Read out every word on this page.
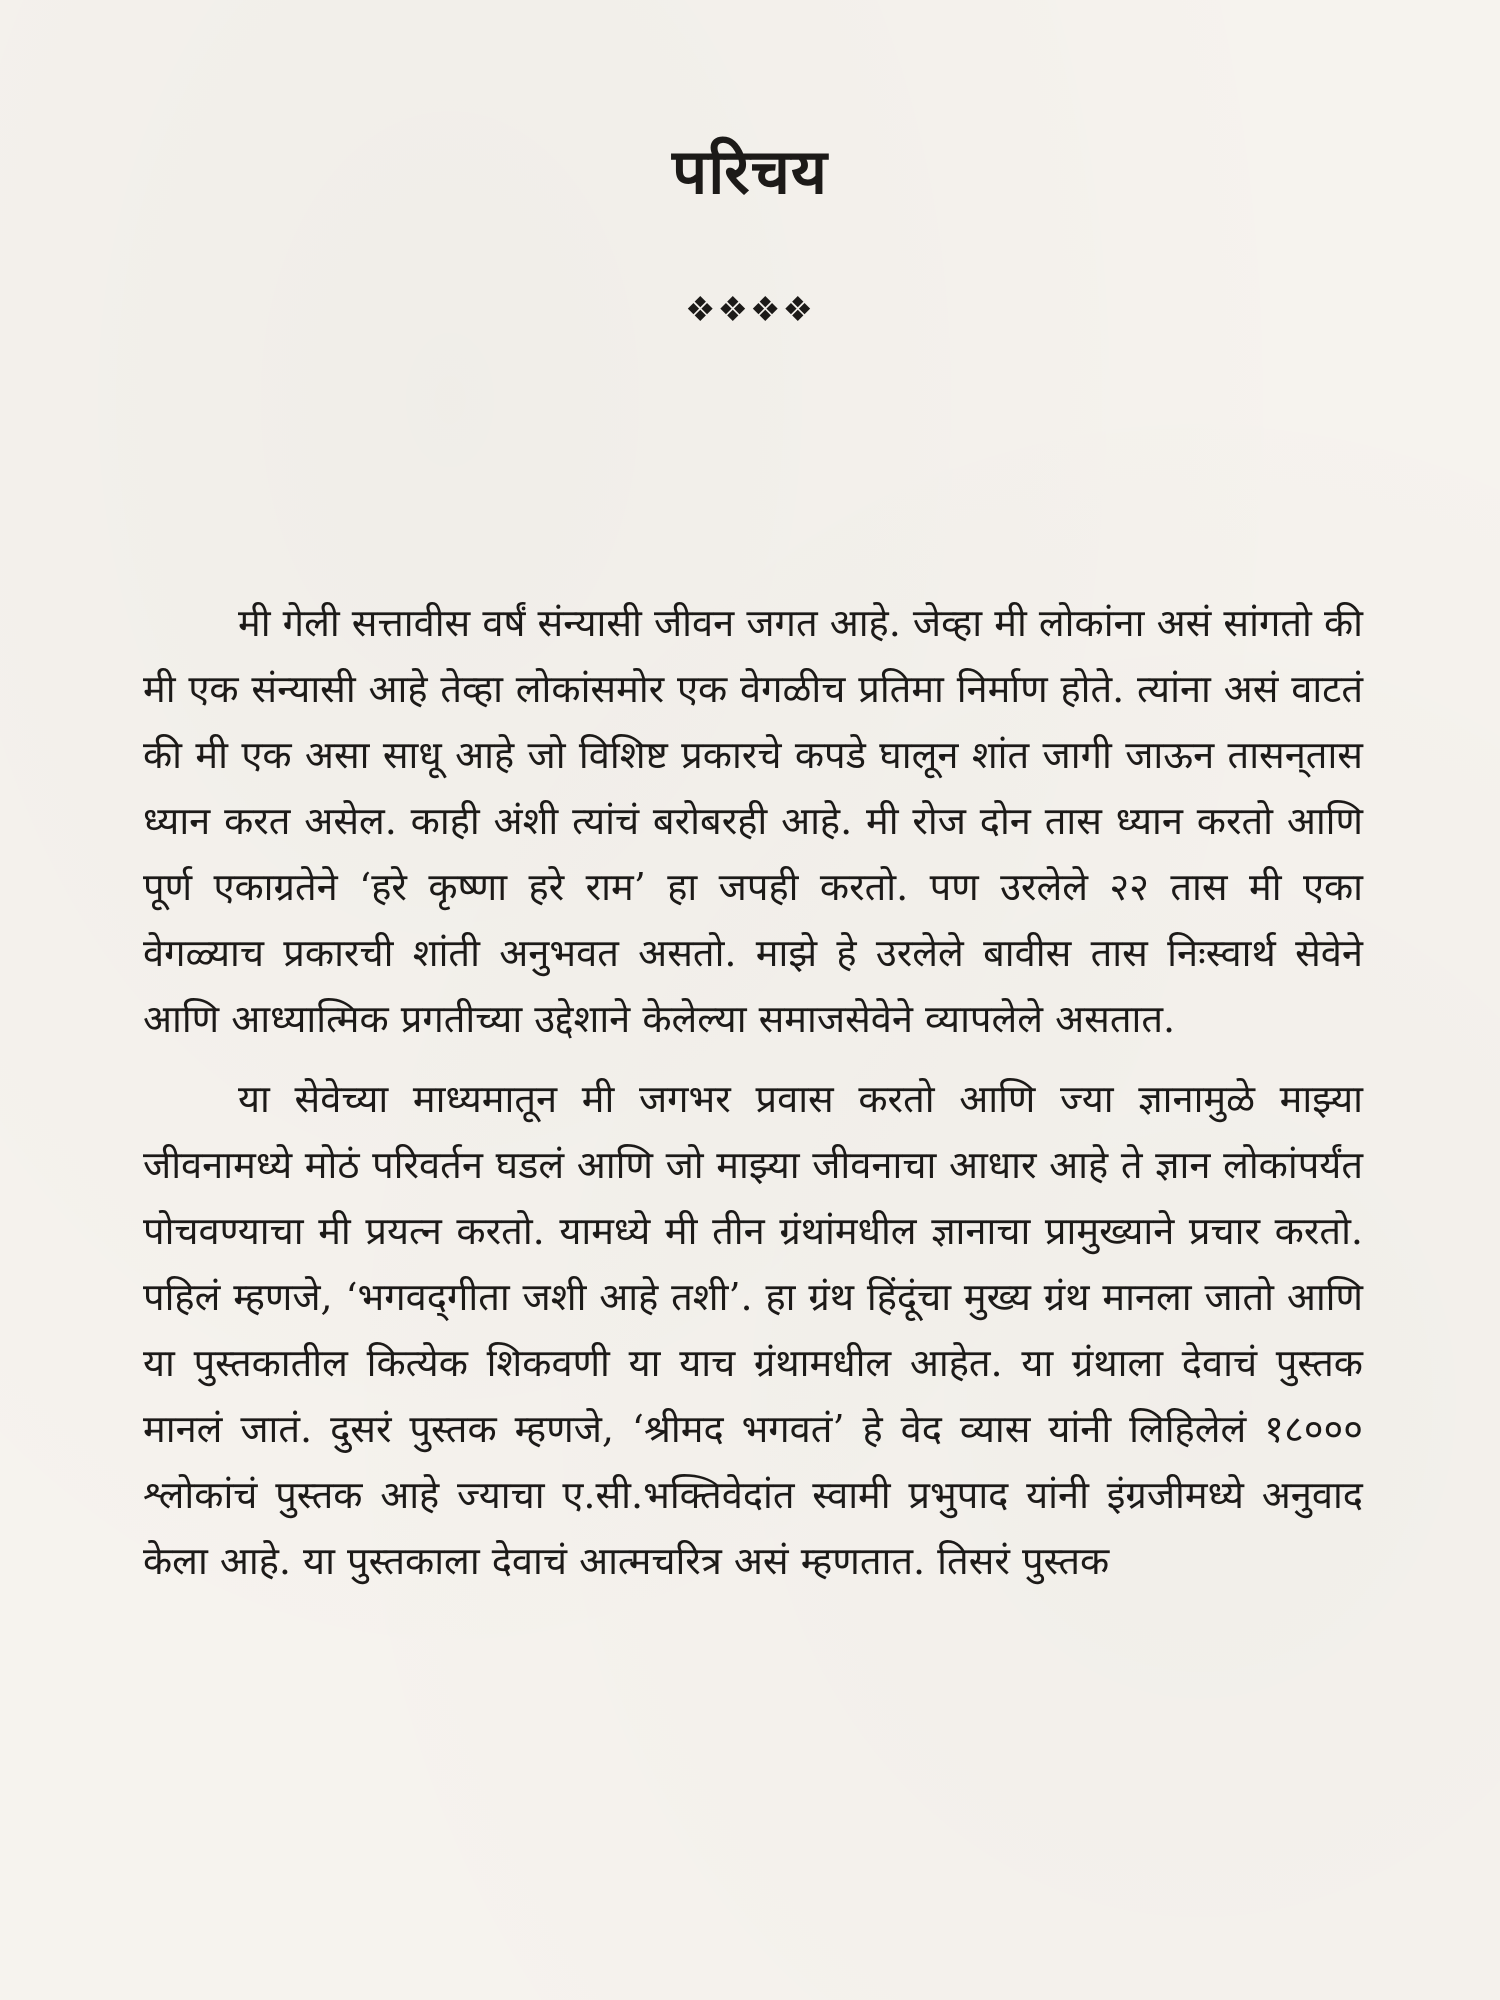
परिचय
❖❖❖❖

मी गेली सत्तावीस वर्षं संन्यासी जीवन जगत आहे. जेव्हा मी लोकांना असं सांगतो की मी एक संन्यासी आहे तेव्हा लोकांसमोर एक वेगळीच प्रतिमा निर्माण होते. त्यांना असं वाटतं की मी एक असा साधू आहे जो विशिष्ट प्रकारचे कपडे घालून शांत जागी जाऊन तासन्‌तास ध्यान करत असेल. काही अंशी त्यांचं बरोबरही आहे. मी रोज दोन तास ध्यान करतो आणि पूर्ण एकाग्रतेने ‘हरे कृष्णा हरे राम’ हा जपही करतो. पण उरलेले २२ तास मी एका वेगळ्याच प्रकारची शांती अनुभवत असतो. माझे हे उरलेले बावीस तास निःस्वार्थ सेवेने आणि आध्यात्मिक प्रगतीच्या उद्देशाने केलेल्या समाजसेवेने व्यापलेले असतात.

या सेवेच्या माध्यमातून मी जगभर प्रवास करतो आणि ज्या ज्ञानामुळे माझ्या जीवनामध्ये मोठं परिवर्तन घडलं आणि जो माझ्या जीवनाचा आधार आहे ते ज्ञान लोकांपर्यंत पोचवण्याचा मी प्रयत्न करतो. यामध्ये मी तीन ग्रंथांमधील ज्ञानाचा प्रामुख्याने प्रचार करतो. पहिलं म्हणजे, ‘भगवद्‌गीता जशी आहे तशी’. हा ग्रंथ हिंदूंचा मुख्य ग्रंथ मानला जातो आणि या पुस्तकातील कित्येक शिकवणी या याच ग्रंथामधील आहेत. या ग्रंथाला देवाचं पुस्तक मानलं जातं. दुसरं पुस्तक म्हणजे, ‘श्रीमद भगवतं’ हे वेद व्यास यांनी लिहिलेलं १८००० श्लोकांचं पुस्तक आहे ज्याचा ए.सी.भक्तिवेदांत स्वामी प्रभुपाद यांनी इंग्रजीमध्ये अनुवाद केला आहे. या पुस्तकाला देवाचं आत्मचरित्र असं म्हणतात. तिसरं पुस्तक
